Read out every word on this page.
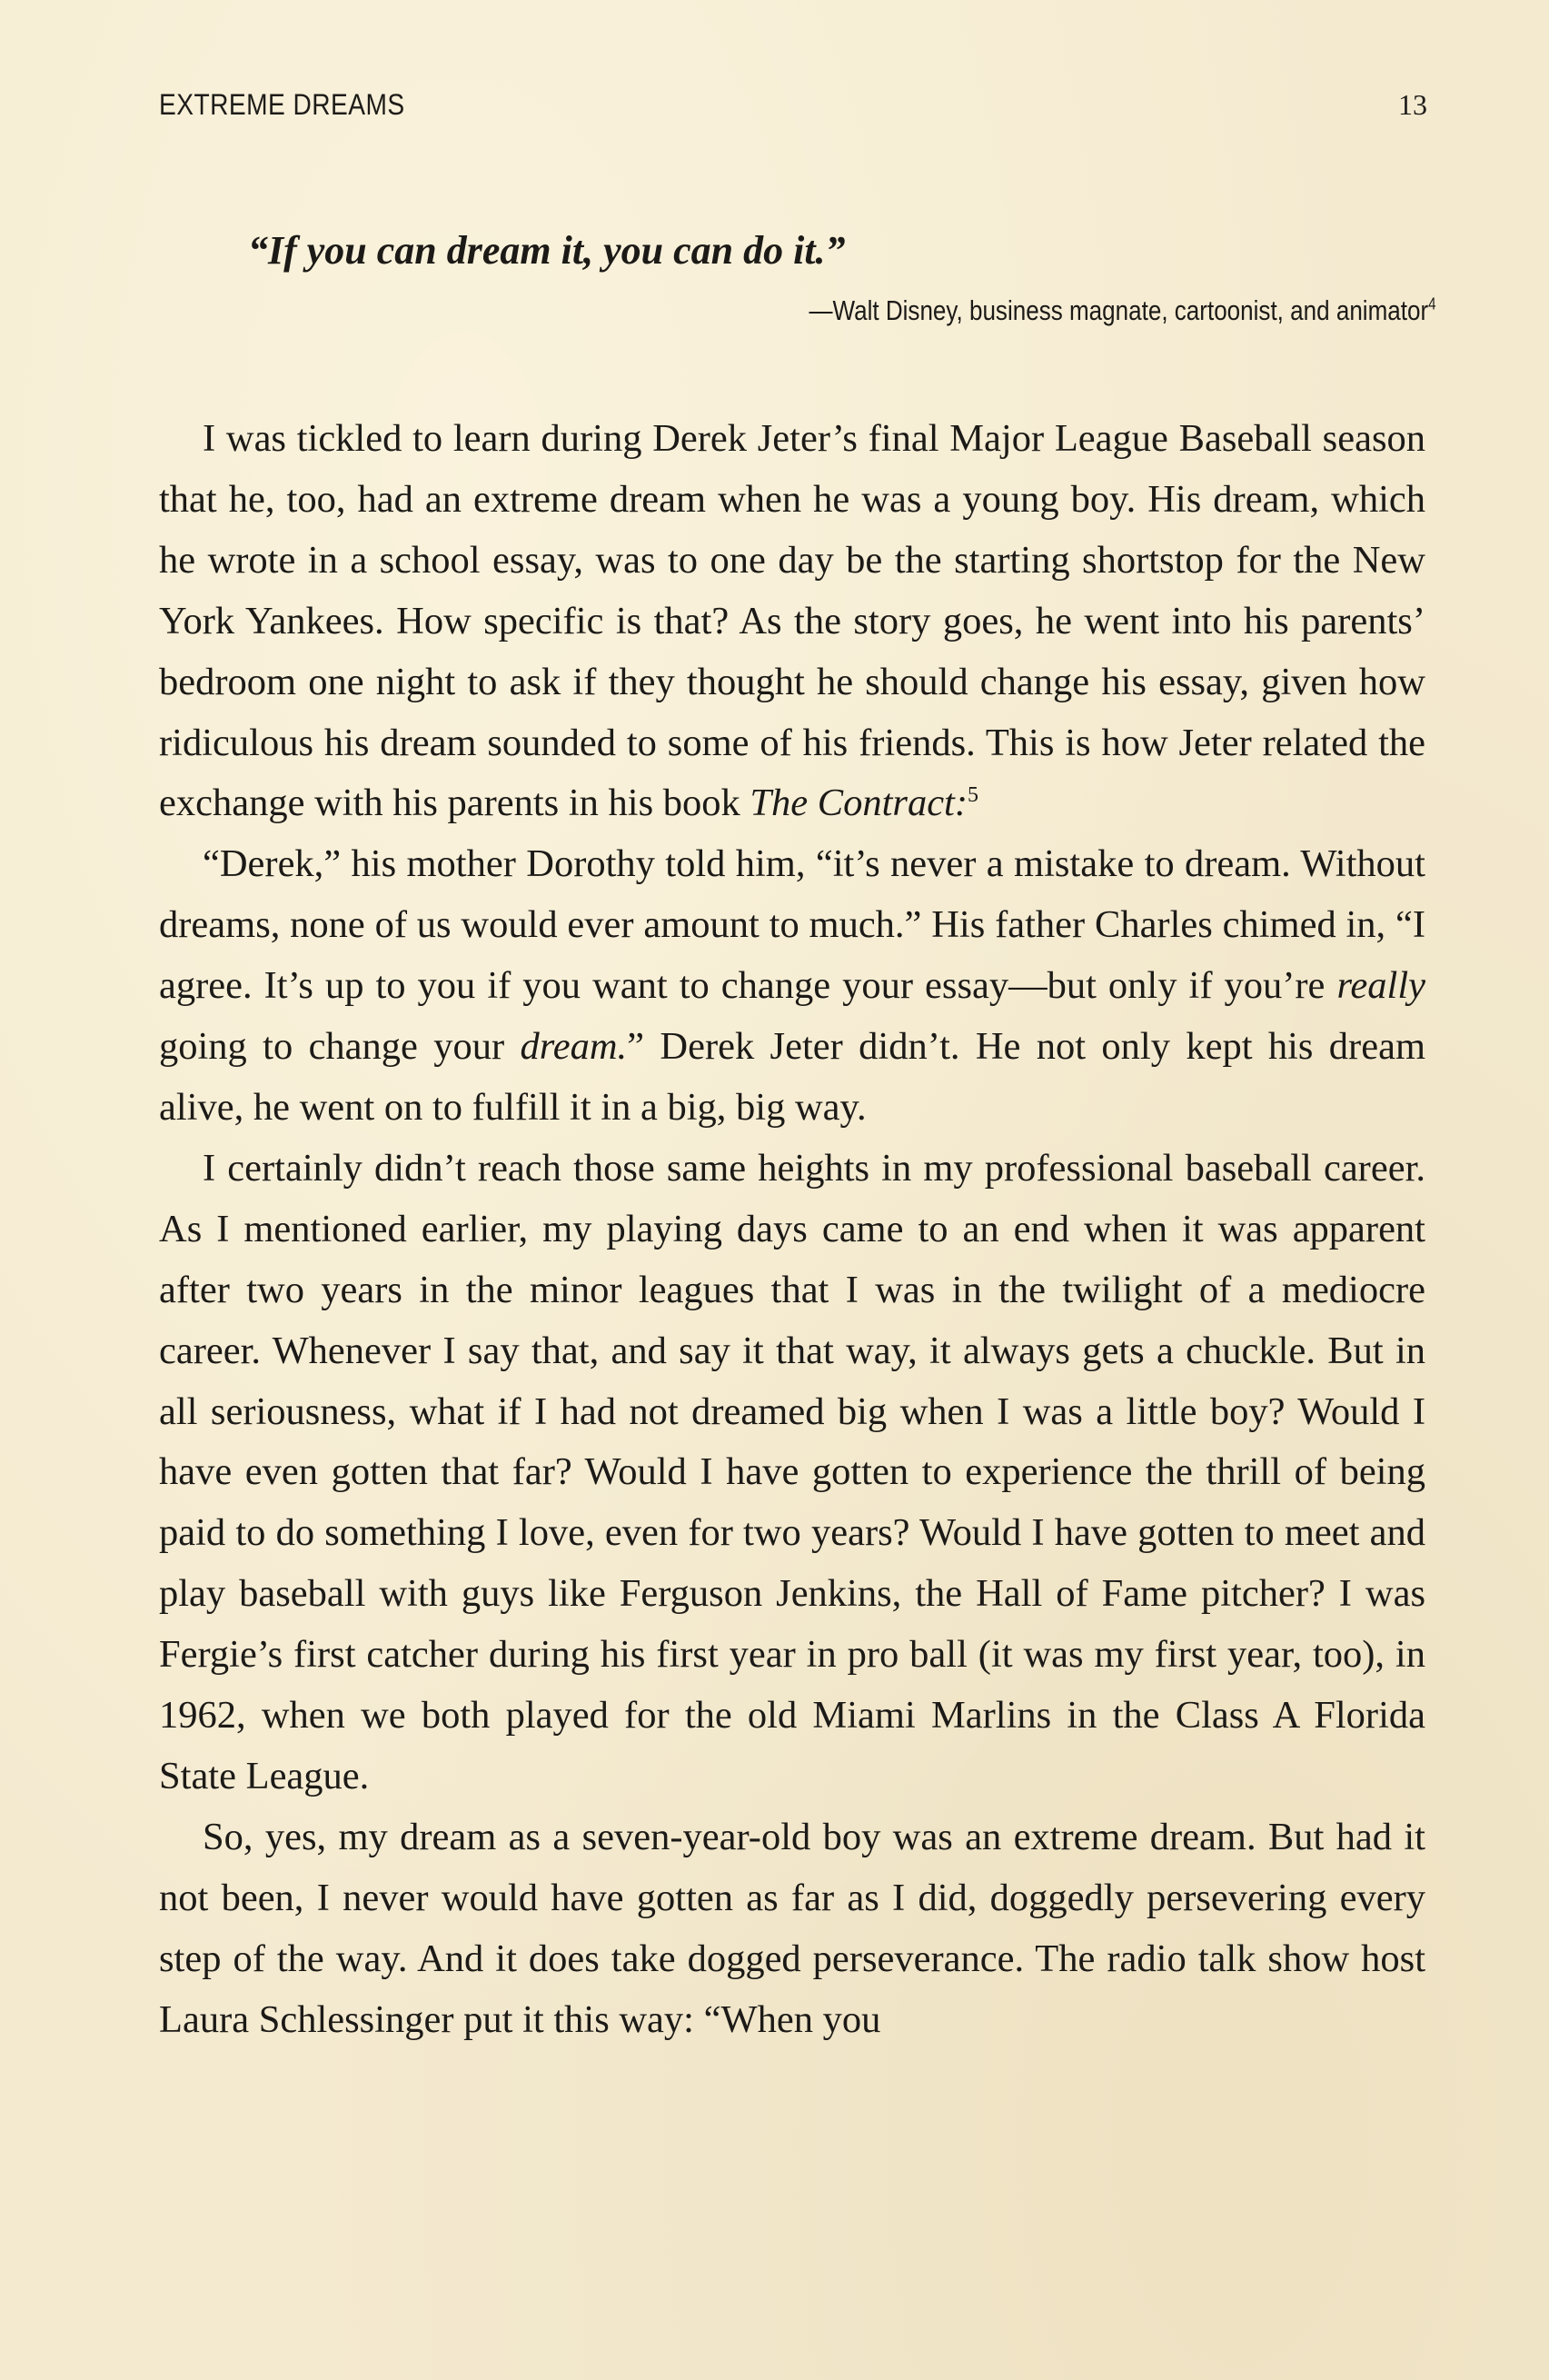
EXTREME DREAMS	13
“If you can dream it, you can do it.”
—Walt Disney, business magnate, cartoonist, and animator$^4$

I was tickled to learn during Derek Jeter’s final Major League Baseball season that he, too, had an extreme dream when he was a young boy. His dream, which he wrote in a school essay, was to one day be the starting shortstop for the New York Yankees. How specific is that? As the story goes, he went into his parents’ bedroom one night to ask if they thought he should change his essay, given how ridiculous his dream sounded to some of his friends. This is how Jeter related the exchange with his parents in his book The Contract:$^5$

“Derek,” his mother Dorothy told him, “it’s never a mistake to dream. Without dreams, none of us would ever amount to much.” His father Charles chimed in, “I agree. It’s up to you if you want to change your essay—but only if you’re really going to change your dream.” Derek Jeter didn’t. He not only kept his dream alive, he went on to fulfill it in a big, big way.

I certainly didn’t reach those same heights in my professional baseball career. As I mentioned earlier, my playing days came to an end when it was apparent after two years in the minor leagues that I was in the twilight of a mediocre career. Whenever I say that, and say it that way, it always gets a chuckle. But in all seriousness, what if I had not dreamed big when I was a little boy? Would I have even gotten that far? Would I have gotten to experience the thrill of being paid to do something I love, even for two years? Would I have gotten to meet and play baseball with guys like Ferguson Jenkins, the Hall of Fame pitcher? I was Fergie’s first catcher during his first year in pro ball (it was my first year, too), in 1962, when we both played for the old Miami Marlins in the Class A Florida State League.

So, yes, my dream as a seven-year-old boy was an extreme dream. But had it not been, I never would have gotten as far as I did, doggedly persevering every step of the way. And it does take dogged perseverance. The radio talk show host Laura Schlessinger put it this way: “When you
